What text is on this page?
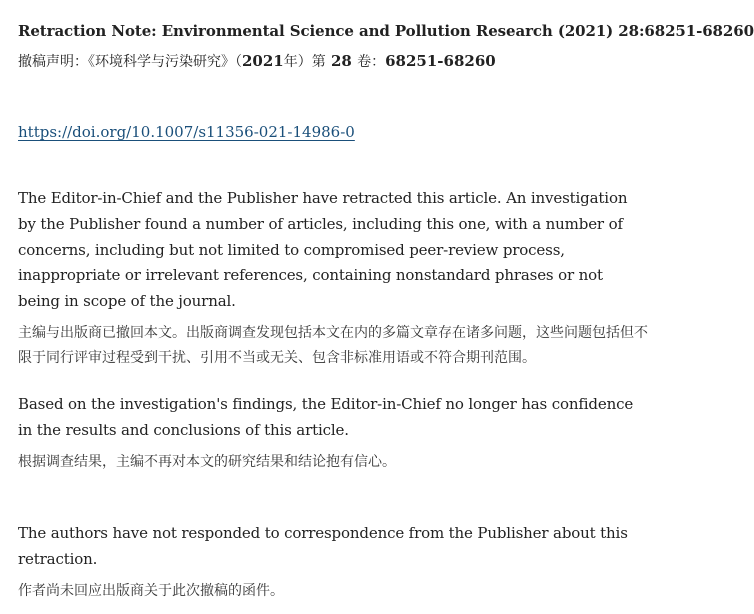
Retraction Note: Environmental Science and Pollution Research (2021) 28:68251-68260
撤稿声明：《环境科学与污染研究》（2021年）第 28 卷：68251-68260
https://doi.org/10.1007/s11356-021-14986-0

The Editor-in-Chief and the Publisher have retracted this article. An investigation by the Publisher found a number of articles, including this one, with a number of concerns, including but not limited to compromised peer-review process, inappropriate or irrelevant references, containing nonstandard phrases or not being in scope of the journal.

主编与出版商已撤回本文。出版商调查发现包括本文在内的多篇文章存在诸多问题，这些问题包括但不限于同行评审过程受到干扰、引用不当或无关、包含非标准用语或不符合期刊范围。

Based on the investigation's findings, the Editor-in-Chief no longer has confidence in the results and conclusions of this article.

根据调查结果，主编不再对本文的研究结果和结论抱有信心。

The authors have not responded to correspondence from the Publisher about this retraction.

作者尚未回应出版商关于此次撤稿的函件。
